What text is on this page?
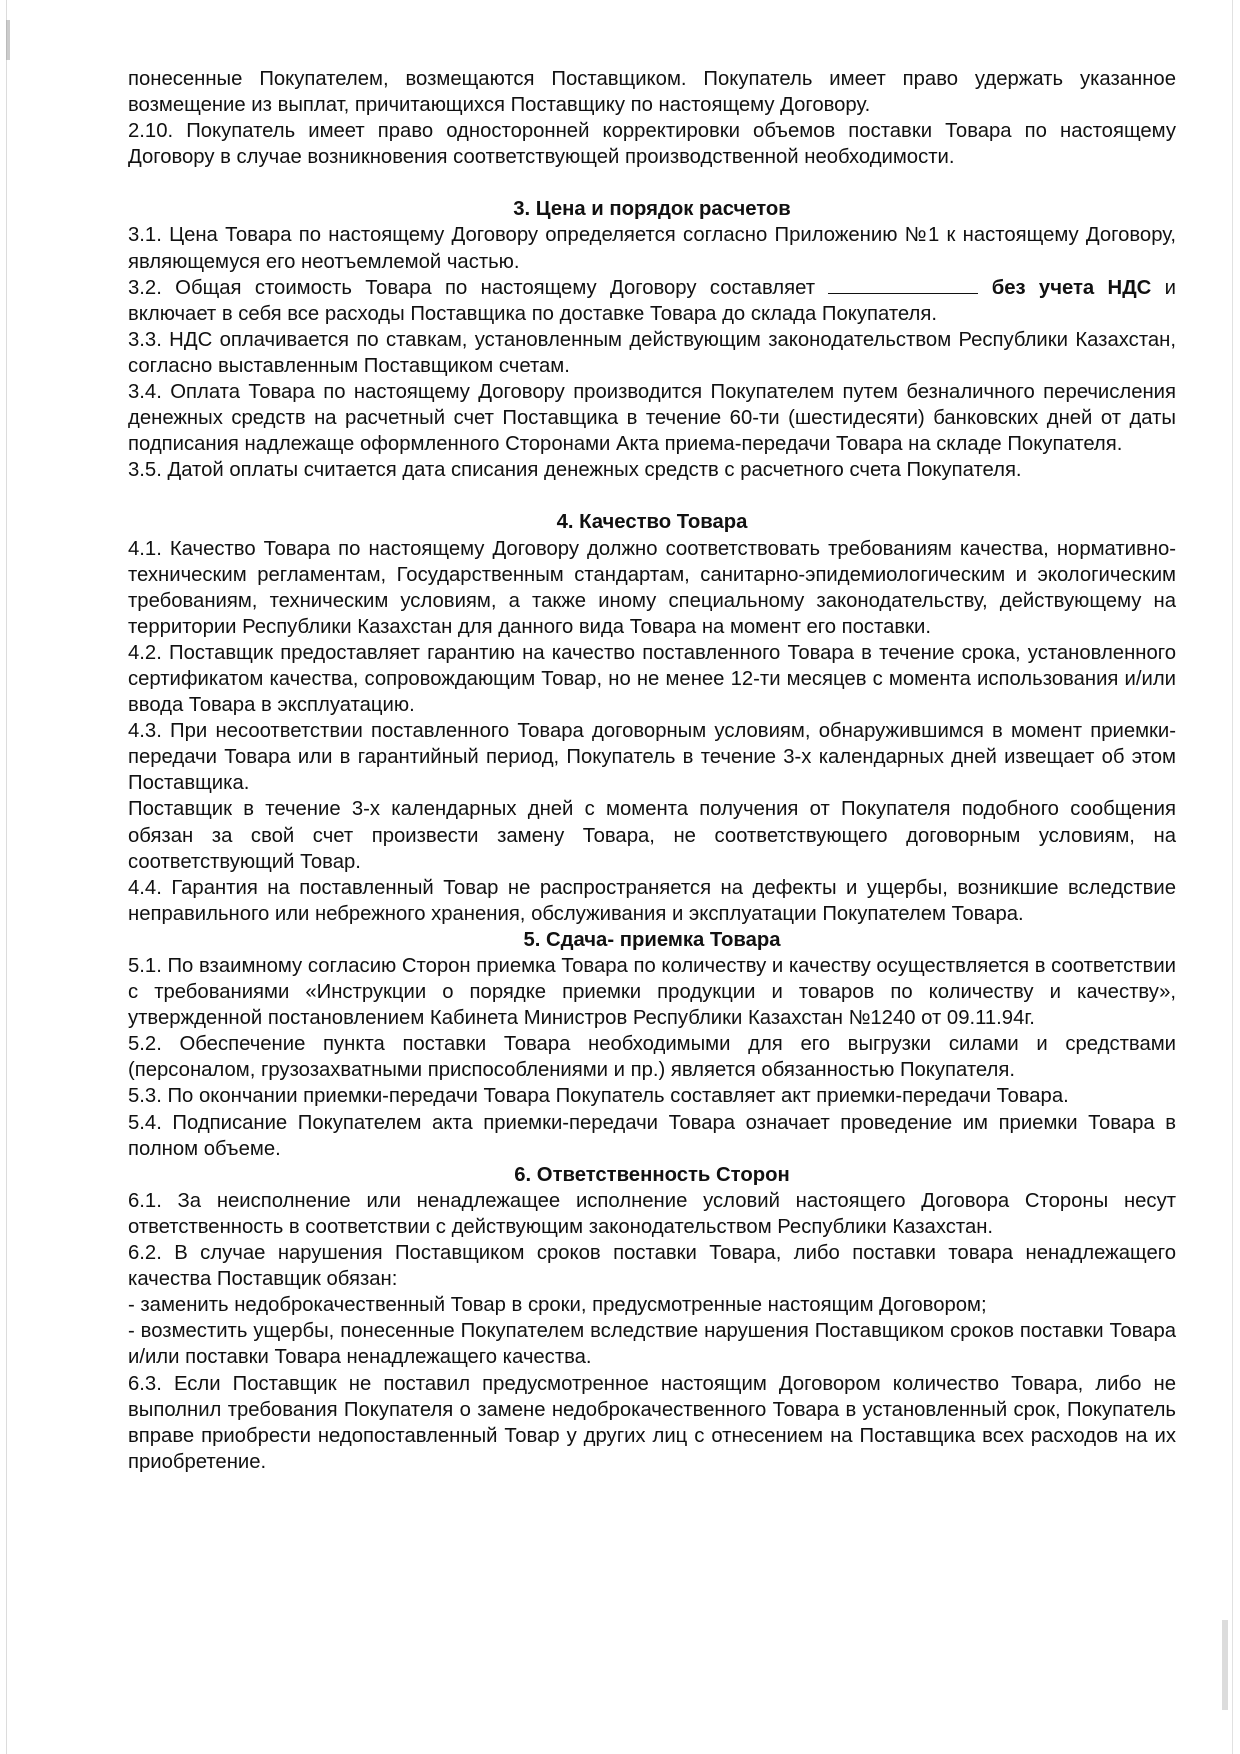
понесенные Покупателем, возмещаются Поставщиком. Покупатель имеет право удержать указанное возмещение из выплат, причитающихся Поставщику по настоящему Договору.

2.10. Покупатель имеет право односторонней корректировки объемов поставки Товара по настоящему Договору в случае возникновения соответствующей производственной необходимости.

3. Цена и порядок расчетов

3.1. Цена Товара по настоящему Договору определяется согласно Приложению №1 к настоящему Договору, являющемуся его неотъемлемой частью.

3.2. Общая стоимость Товара по настоящему Договору составляет	без учета НДС и включает в себя все расходы Поставщика по доставке Товара до склада Покупателя.

3.3. НДС оплачивается по ставкам, установленным действующим законодательством Республики Казахстан, согласно выставленным Поставщиком счетам.

3.4. Оплата Товара по настоящему Договору производится Покупателем путем безналичного перечисления денежных средств на расчетный счет Поставщика в течение 60-ти (шестидесяти) банковских дней от даты подписания надлежаще оформленного Сторонами Акта приема-передачи Товара на складе Покупателя.

3.5. Датой оплаты считается дата списания денежных средств с расчетного счета Покупателя.

4. Качество Товара

4.1. Качество Товара по настоящему Договору должно соответствовать требованиям качества, нормативно-техническим регламентам, Государственным стандартам, санитарно-эпидемиологическим и экологическим требованиям, техническим условиям, а также иному специальному законодательству, действующему на территории Республики Казахстан для данного вида Товара на момент его поставки.

4.2. Поставщик предоставляет гарантию на качество поставленного Товара в течение срока, установленного сертификатом качества, сопровождающим Товар, но не менее 12-ти месяцев с момента использования и/или ввода Товара в эксплуатацию.

4.3. При несоответствии поставленного Товара договорным условиям, обнаружившимся в момент приемки-передачи Товара или в гарантийный период, Покупатель в течение 3-х календарных дней извещает об этом Поставщика.

Поставщик в течение 3-х календарных дней с момента получения от Покупателя подобного сообщения обязан за свой счет произвести замену Товара, не соответствующего договорным условиям, на соответствующий Товар.

4.4. Гарантия на поставленный Товар не распространяется на дефекты и ущербы, возникшие вследствие неправильного или небрежного хранения, обслуживания и эксплуатации Покупателем Товара.

5. Сдача- приемка Товара

5.1. По взаимному согласию Сторон приемка Товара по количеству и качеству осуществляется в соответствии с требованиями «Инструкции о порядке приемки продукции и товаров по количеству и качеству», утвержденной постановлением Кабинета Министров Республики Казахстан №1240 от 09.11.94г.

5.2. Обеспечение пункта поставки Товара необходимыми для его выгрузки силами и средствами (персоналом, грузозахватными приспособлениями и пр.) является обязанностью Покупателя.

5.3. По окончании приемки-передачи Товара Покупатель составляет акт приемки-передачи Товара.

5.4. Подписание Покупателем акта приемки-передачи Товара означает проведение им приемки Товара в полном объеме.

6. Ответственность Сторон

6.1. За неисполнение или ненадлежащее исполнение условий настоящего Договора Стороны несут ответственность в соответствии с действующим законодательством Республики Казахстан.

6.2. В случае нарушения Поставщиком сроков поставки Товара, либо поставки товара ненадлежащего качества Поставщик обязан:

- заменить недоброкачественный Товар в сроки, предусмотренные настоящим Договором;

- возместить ущербы, понесенные Покупателем вследствие нарушения Поставщиком сроков поставки Товара и/или поставки Товара ненадлежащего качества.

6.3. Если Поставщик не поставил предусмотренное настоящим Договором количество Товара, либо не выполнил требования Покупателя о замене недоброкачественного Товара в установленный срок, Покупатель вправе приобрести недопоставленный Товар у других лиц с отнесением на Поставщика всех расходов на их приобретение.
